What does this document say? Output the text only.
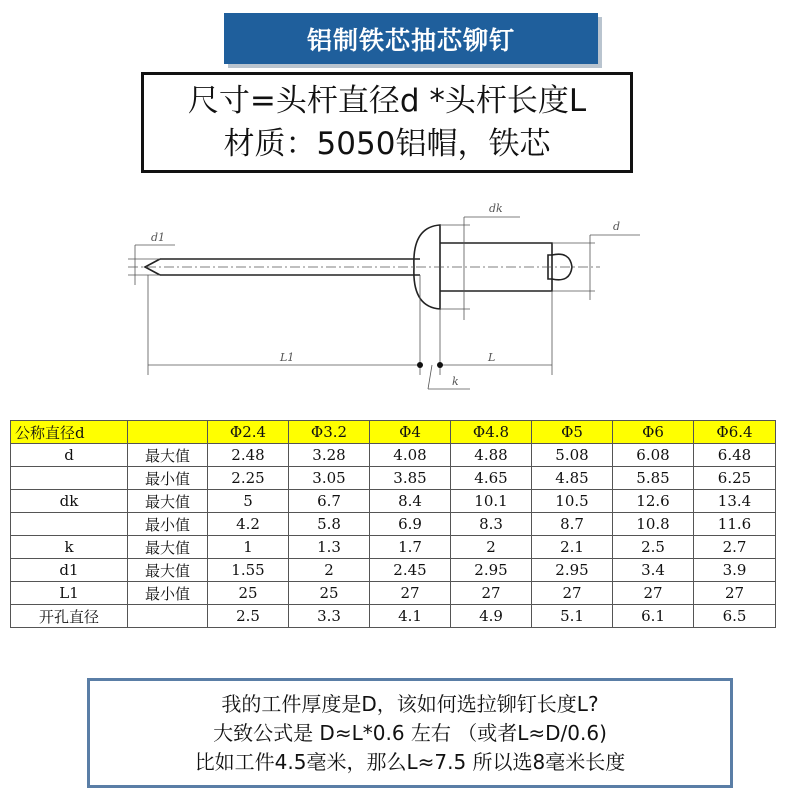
铝制铁芯抽芯铆钉
尺寸=头杆直径d *头杆长度L
材质：5050铝帽，铁芯
d1
dk
d
L1	L
k
公称直径d		Φ2.4	Φ3.2	Φ4	Φ4.8	Φ5	Φ6	Φ6.4
d	最大值	2.48	3.28	4.08	4.88	5.08	6.08	6.48
	最小值	2.25	3.05	3.85	4.65	4.85	5.85	6.25
dk	最大值	5	6.7	8.4	10.1	10.5	12.6	13.4
	最小值	4.2	5.8	6.9	8.3	8.7	10.8	11.6
k	最大值	1	1.3	1.7	2	2.1	2.5	2.7
d1	最大值	1.55	2	2.45	2.95	2.95	3.4	3.9
L1	最小值	25	25	27	27	27	27	27
开孔直径		2.5	3.3	4.1	4.9	5.1	6.1	6.5
我的工件厚度是D，该如何选拉铆钉长度L?
大致公式是 D≈L*0.6 左右 （或者L≈D/0.6)
比如工件4.5毫米，那么L≈7.5 所以选8毫米长度
